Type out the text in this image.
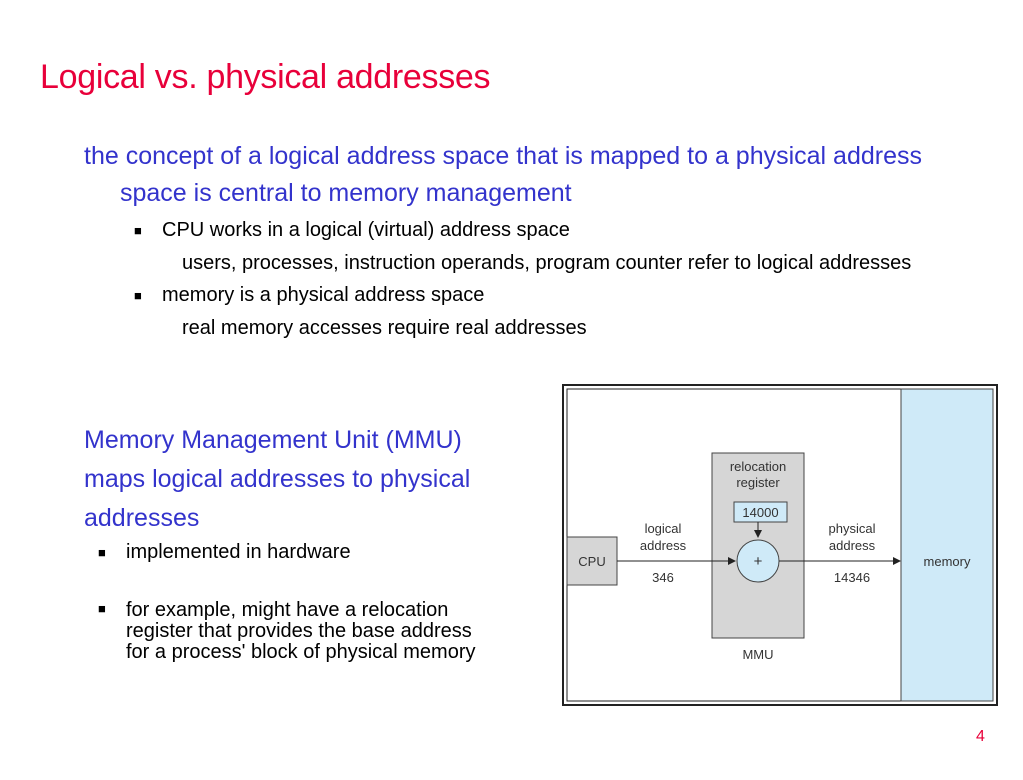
Logical vs. physical addresses
the concept of a logical address space that is mapped to a physical address
space is central to memory management
■ CPU works in a logical (virtual) address space
users, processes, instruction operands, program counter refer to logical addresses
■ memory is a physical address space
real memory accesses require real addresses
Memory Management Unit (MMU)
maps logical addresses to physical
addresses
■ implemented in hardware
■ for example, might have a relocation
register that provides the base address
for a process' block of physical memory
memory
CPU
relocation
register
14000
+
MMU
logical
address
346
physical
address
14346
4
